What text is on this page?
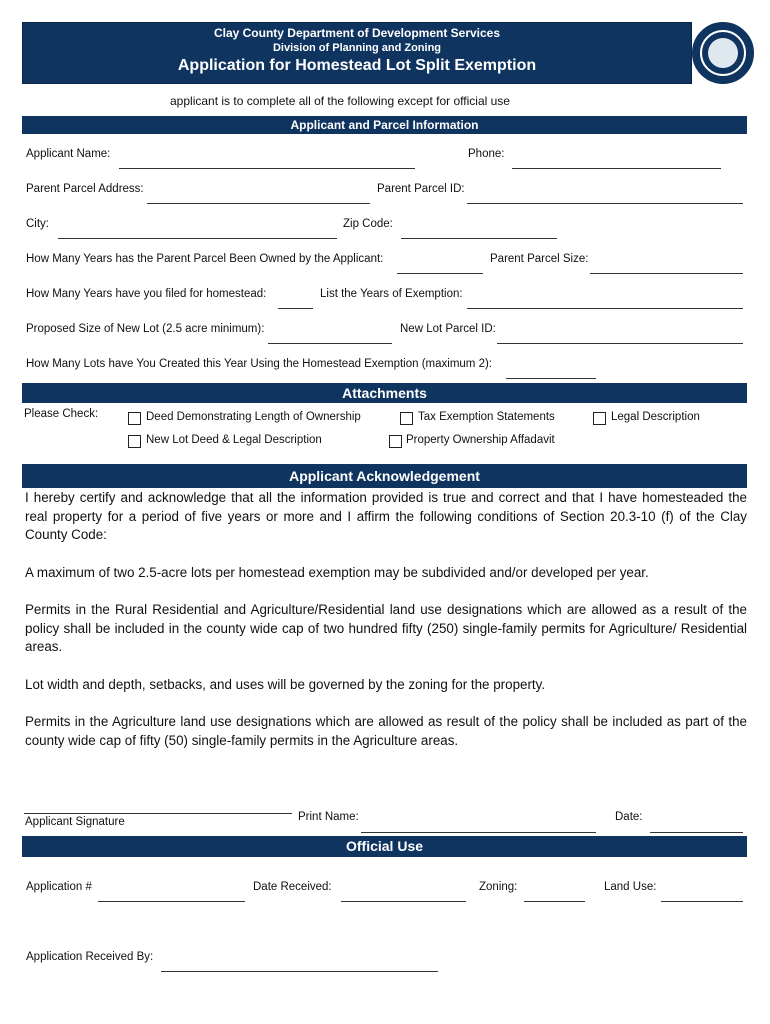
Clay County Department of Development Services
Division of Planning and Zoning
Application for Homestead Lot Split Exemption
applicant is to complete all of the following except for official use
Applicant and Parcel Information
Applicant Name:	Phone:
Parent Parcel Address:	Parent Parcel ID:
City:	Zip Code:
How Many Years has the Parent Parcel Been Owned by the Applicant:	Parent Parcel Size:
How Many Years have you filed for homestead:	List the Years of Exemption:
Proposed Size of New Lot (2.5 acre minimum):	New Lot Parcel ID:
How Many Lots have You Created this Year Using the Homestead Exemption (maximum 2):
Attachments
Please Check:	Deed Demonstrating Length of Ownership	Tax Exemption Statements	Legal Description
New Lot Deed & Legal Description	Property Ownership Affadavit
Applicant Acknowledgement
I hereby certify and acknowledge that all the information provided is true and correct and that I have homesteaded the real property for a period of five years or more and I affirm the following conditions of Section 20.3-10 (f) of the Clay County Code:
A maximum of two 2.5-acre lots per homestead exemption may be subdivided and/or developed per year.
Permits in the Rural Residential and Agriculture/Residential land use designations which are allowed as a result of the policy shall be included in the county wide cap of two hundred fifty (250) single-family permits for Agriculture/ Residential areas.
Lot width and depth, setbacks, and uses will be governed by the zoning for the property.
Permits in the Agriculture land use designations which are allowed as result of the policy shall be included as part of the county wide cap of fifty (50) single-family permits in the Agriculture areas.
Applicant Signature	Print Name:	Date:
Official Use
Application #	Date Received:	Zoning:	Land Use:
Application Received By:
